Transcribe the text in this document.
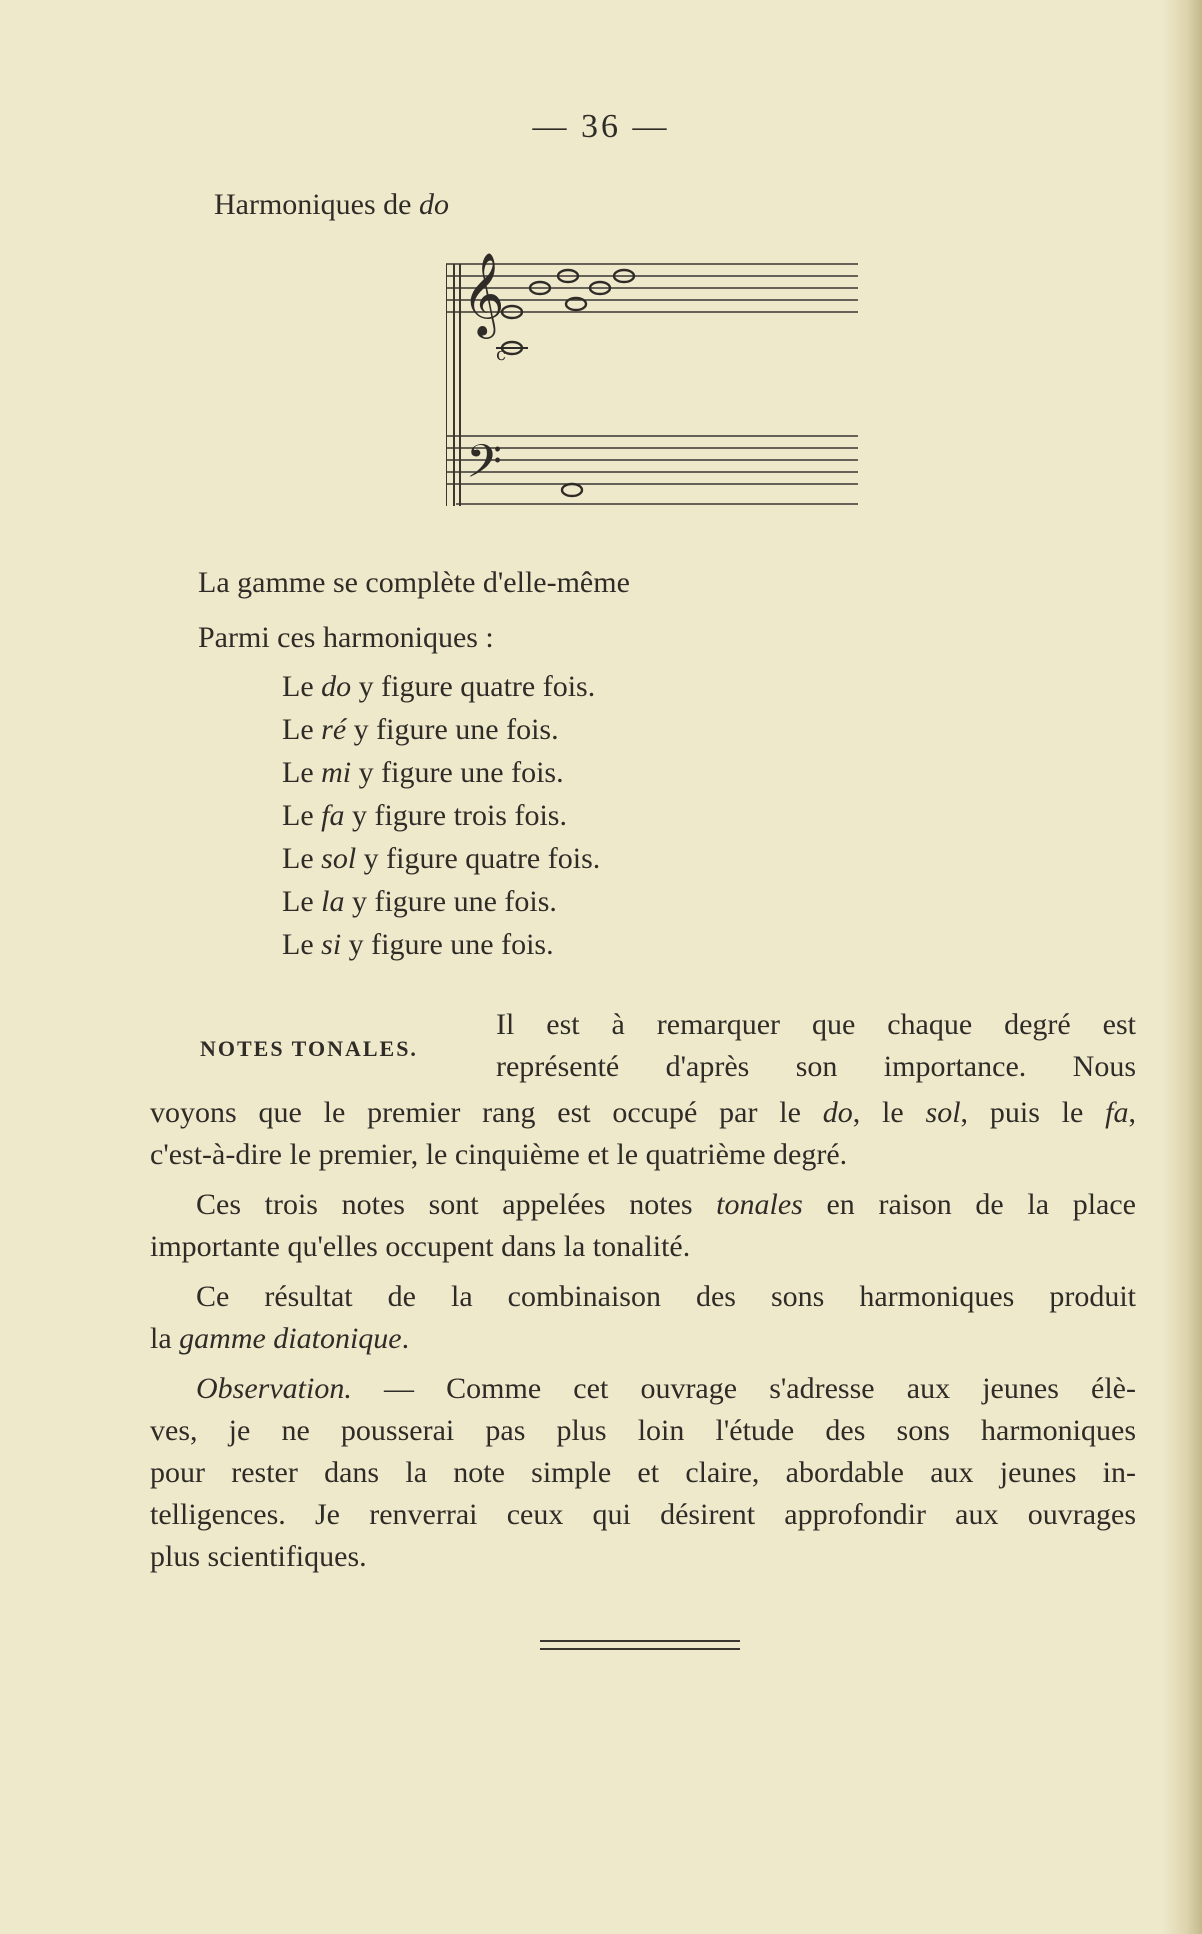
— 36 —
Harmoniques de do
𝄞
𝄢
c
La gamme se complète d'elle-même
Parmi ces harmoniques :
Le do y figure quatre fois.
Le ré y figure une fois.
Le mi y figure une fois.
Le fa y figure trois fois.
Le sol y figure quatre fois.
Le la y figure une fois.
Le si y figure une fois.
NOTES TONALES.
Il est à remarquer que chaque degré est
représenté d'après son importance. Nous
voyons que le premier rang est occupé par le do, le sol, puis le fa,
c'est-à-dire le premier, le cinquième et le quatrième degré.
Ces trois notes sont appelées notes tonales en raison de la place
importante qu'elles occupent dans la tonalité.
Ce résultat de la combinaison des sons harmoniques produit
la gamme diatonique.
Observation. — Comme cet ouvrage s'adresse aux jeunes élè-
ves, je ne pousserai pas plus loin l'étude des sons harmoniques
pour rester dans la note simple et claire, abordable aux jeunes in-
telligences. Je renverrai ceux qui désirent approfondir aux ouvrages
plus scientifiques.
